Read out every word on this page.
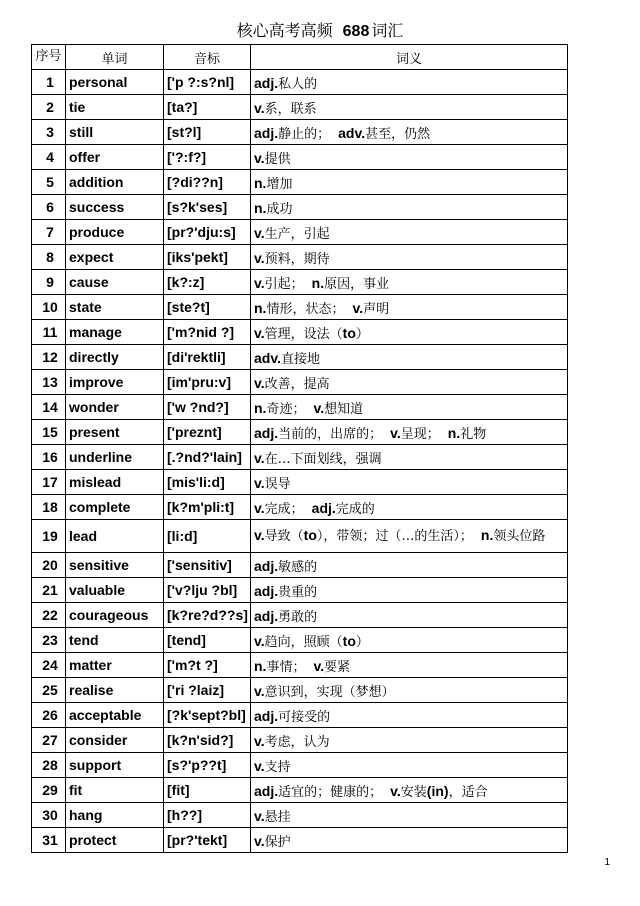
核心高考高频 688 词汇
序号	单词	音标	词义
1	personal	['p ?:s?nl]	adj.私人的
2	tie	[ta?]	v.系，联系
3	still	[st?l]	adj.静止的； adv.甚至，仍然
4	offer	['?:f?]	v.提供
5	addition	[?di??n]	n.增加
6	success	[s?k'ses]	n.成功
7	produce	[pr?'dju:s]	v.生产，引起
8	expect	[iks'pekt]	v.预料，期待
9	cause	[k?:z]	v.引起； n.原因，事业
10	state	[ste?t]	n.情形，状态； v.声明
11	manage	['m?nid ?]	v.管理，设法（to）
12	directly	[di'rektli]	adv.直接地
13	improve	[im'pru:v]	v.改善，提高
14	wonder	['w ?nd?]	n.奇迹； v.想知道
15	present	['preznt]	adj.当前的，出席的； v.呈现； n.礼物
16	underline	[.?nd?'lain]	v.在…下面划线，强调
17	mislead	[mis'li:d]	v.误导
18	complete	[k?m'pli:t]	v.完成； adj.完成的
19	lead	[li:d]	v.导致（to），带领；过（…的生活）； n.领头位路
20	sensitive	['sensitiv]	adj.敏感的
21	valuable	['v?lju ?bl]	adj.贵重的
22	courageous	[k?re?d??s]	adj.勇敢的
23	tend	[tend]	v.趋向，照顾（to）
24	matter	['m?t ?]	n.事情； v.要紧
25	realise	['ri ?laiz]	v.意识到，实现（梦想）
26	acceptable	[?k'sept?bl]	adj.可接受的
27	consider	[k?n'sid?]	v.考虑，认为
28	support	[s?'p??t]	v.支持
29	fit	[fit]	adj.适宜的；健康的； v.安装(in)，适合
30	hang	[h??]	v.悬挂
31	protect	[pr?'tekt]	v.保护
1
